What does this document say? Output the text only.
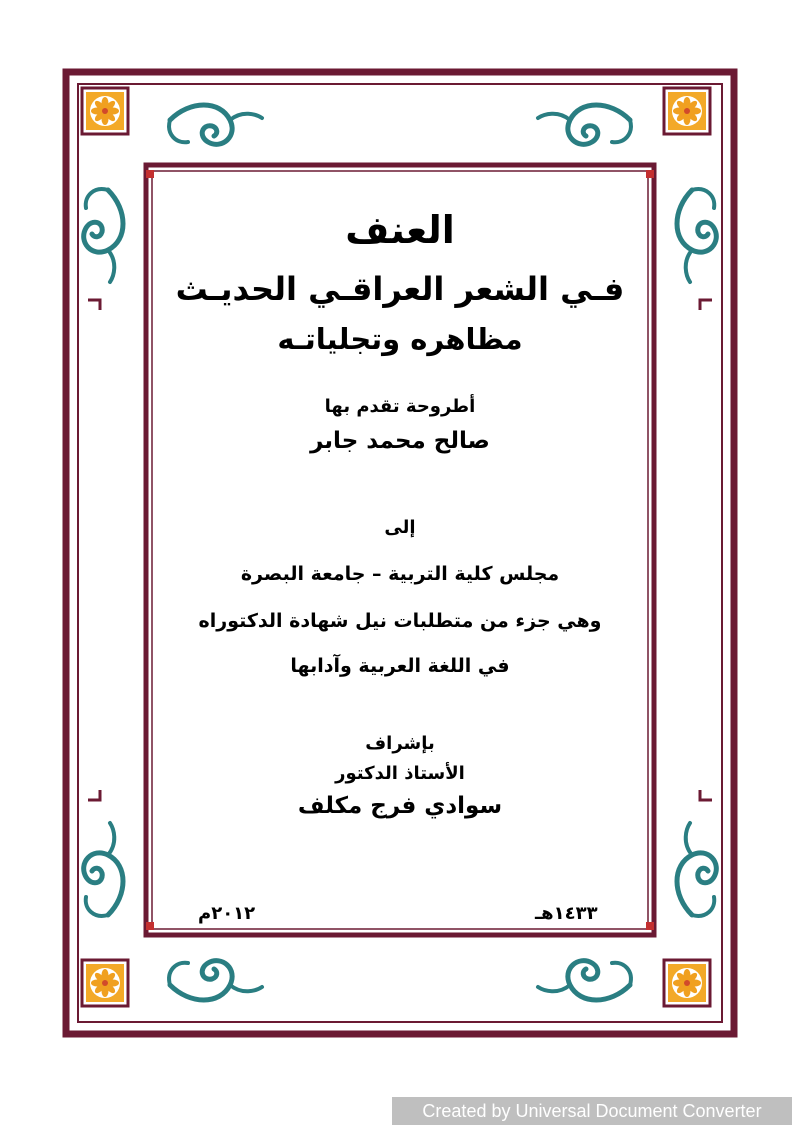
العنف
فـي الشعر العراقـي الحديـث
مظاهره وتجلياتـه
أطروحة تقدم بها
صالح محمد جابر
إلى
مجلس كلية التربية – جامعة البصرة
وهي جزء من متطلبات نيل شهادة الدكتوراه
في اللغة العربية وآدابها
بإشراف
الأستاذ الدكتور
سوادي فرج مكلف
١٤٣٣هـ
٢٠١٢م
Created by Universal Document Converter
